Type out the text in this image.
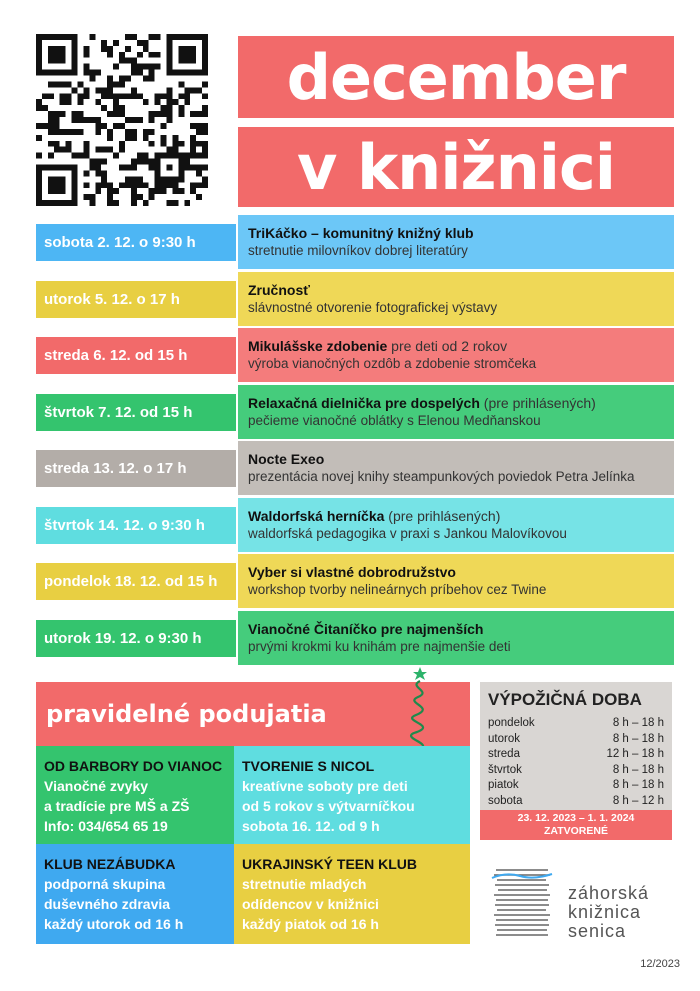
december
v knižnici
sobota 2. 12. o 9:30 h
TriKáčko – komunitný knižný klub
stretnutie milovníkov dobrej literatúry
utorok 5. 12. o 17 h
Zručnosť
slávnostné otvorenie fotografickej výstavy
streda 6. 12. od 15 h
Mikulášske zdobenie pre deti od 2 rokov
výroba vianočných ozdôb a zdobenie stromčeka
štvrtok 7. 12. od 15 h
Relaxačná dielnička pre dospelých (pre prihlásených)
pečieme vianočné oblátky s Elenou Medňanskou
streda 13. 12. o 17 h
Nocte Exeo
prezentácia novej knihy steampunkových poviedok Petra Jelínka
štvrtok 14. 12. o 9:30 h
Waldorfská herníčka (pre prihlásených)
waldorfská pedagogika v praxi s Jankou Malovíkovou
pondelok 18. 12. od 15 h
Vyber si vlastné dobrodružstvo
workshop tvorby nelineárnych príbehov cez Twine
utorok 19. 12. o 9:30 h
Vianočné Čitaníčko pre najmenších
prvými krokmi ku knihám pre najmenšie deti
pravidelné podujatia
OD BARBORY DO VIANOC
Vianočné zvyky
a tradície pre MŠ a ZŠ
Info: 034/654 65 19
TVORENIE S NICOL
kreatívne soboty pre deti
od 5 rokov s výtvarníčkou
sobota 16. 12. od 9 h
KLUB NEZÁBUDKA
podporná skupina
duševného zdravia
každý utorok od 16 h
UKRAJINSKÝ TEEN KLUB
stretnutie mladých
odídencov v knižnici
každý piatok od 16 h
VÝPOŽIČNÁ DOBA
pondelok	8 h – 18 h
utorok	8 h – 18 h
streda	12 h – 18 h
štvrtok	8 h – 18 h
piatok	8 h – 18 h
sobota	8 h – 12 h
23. 12. 2023 – 1. 1. 2024
ZATVORENÉ
záhorská
knižnica
senica
12/2023
